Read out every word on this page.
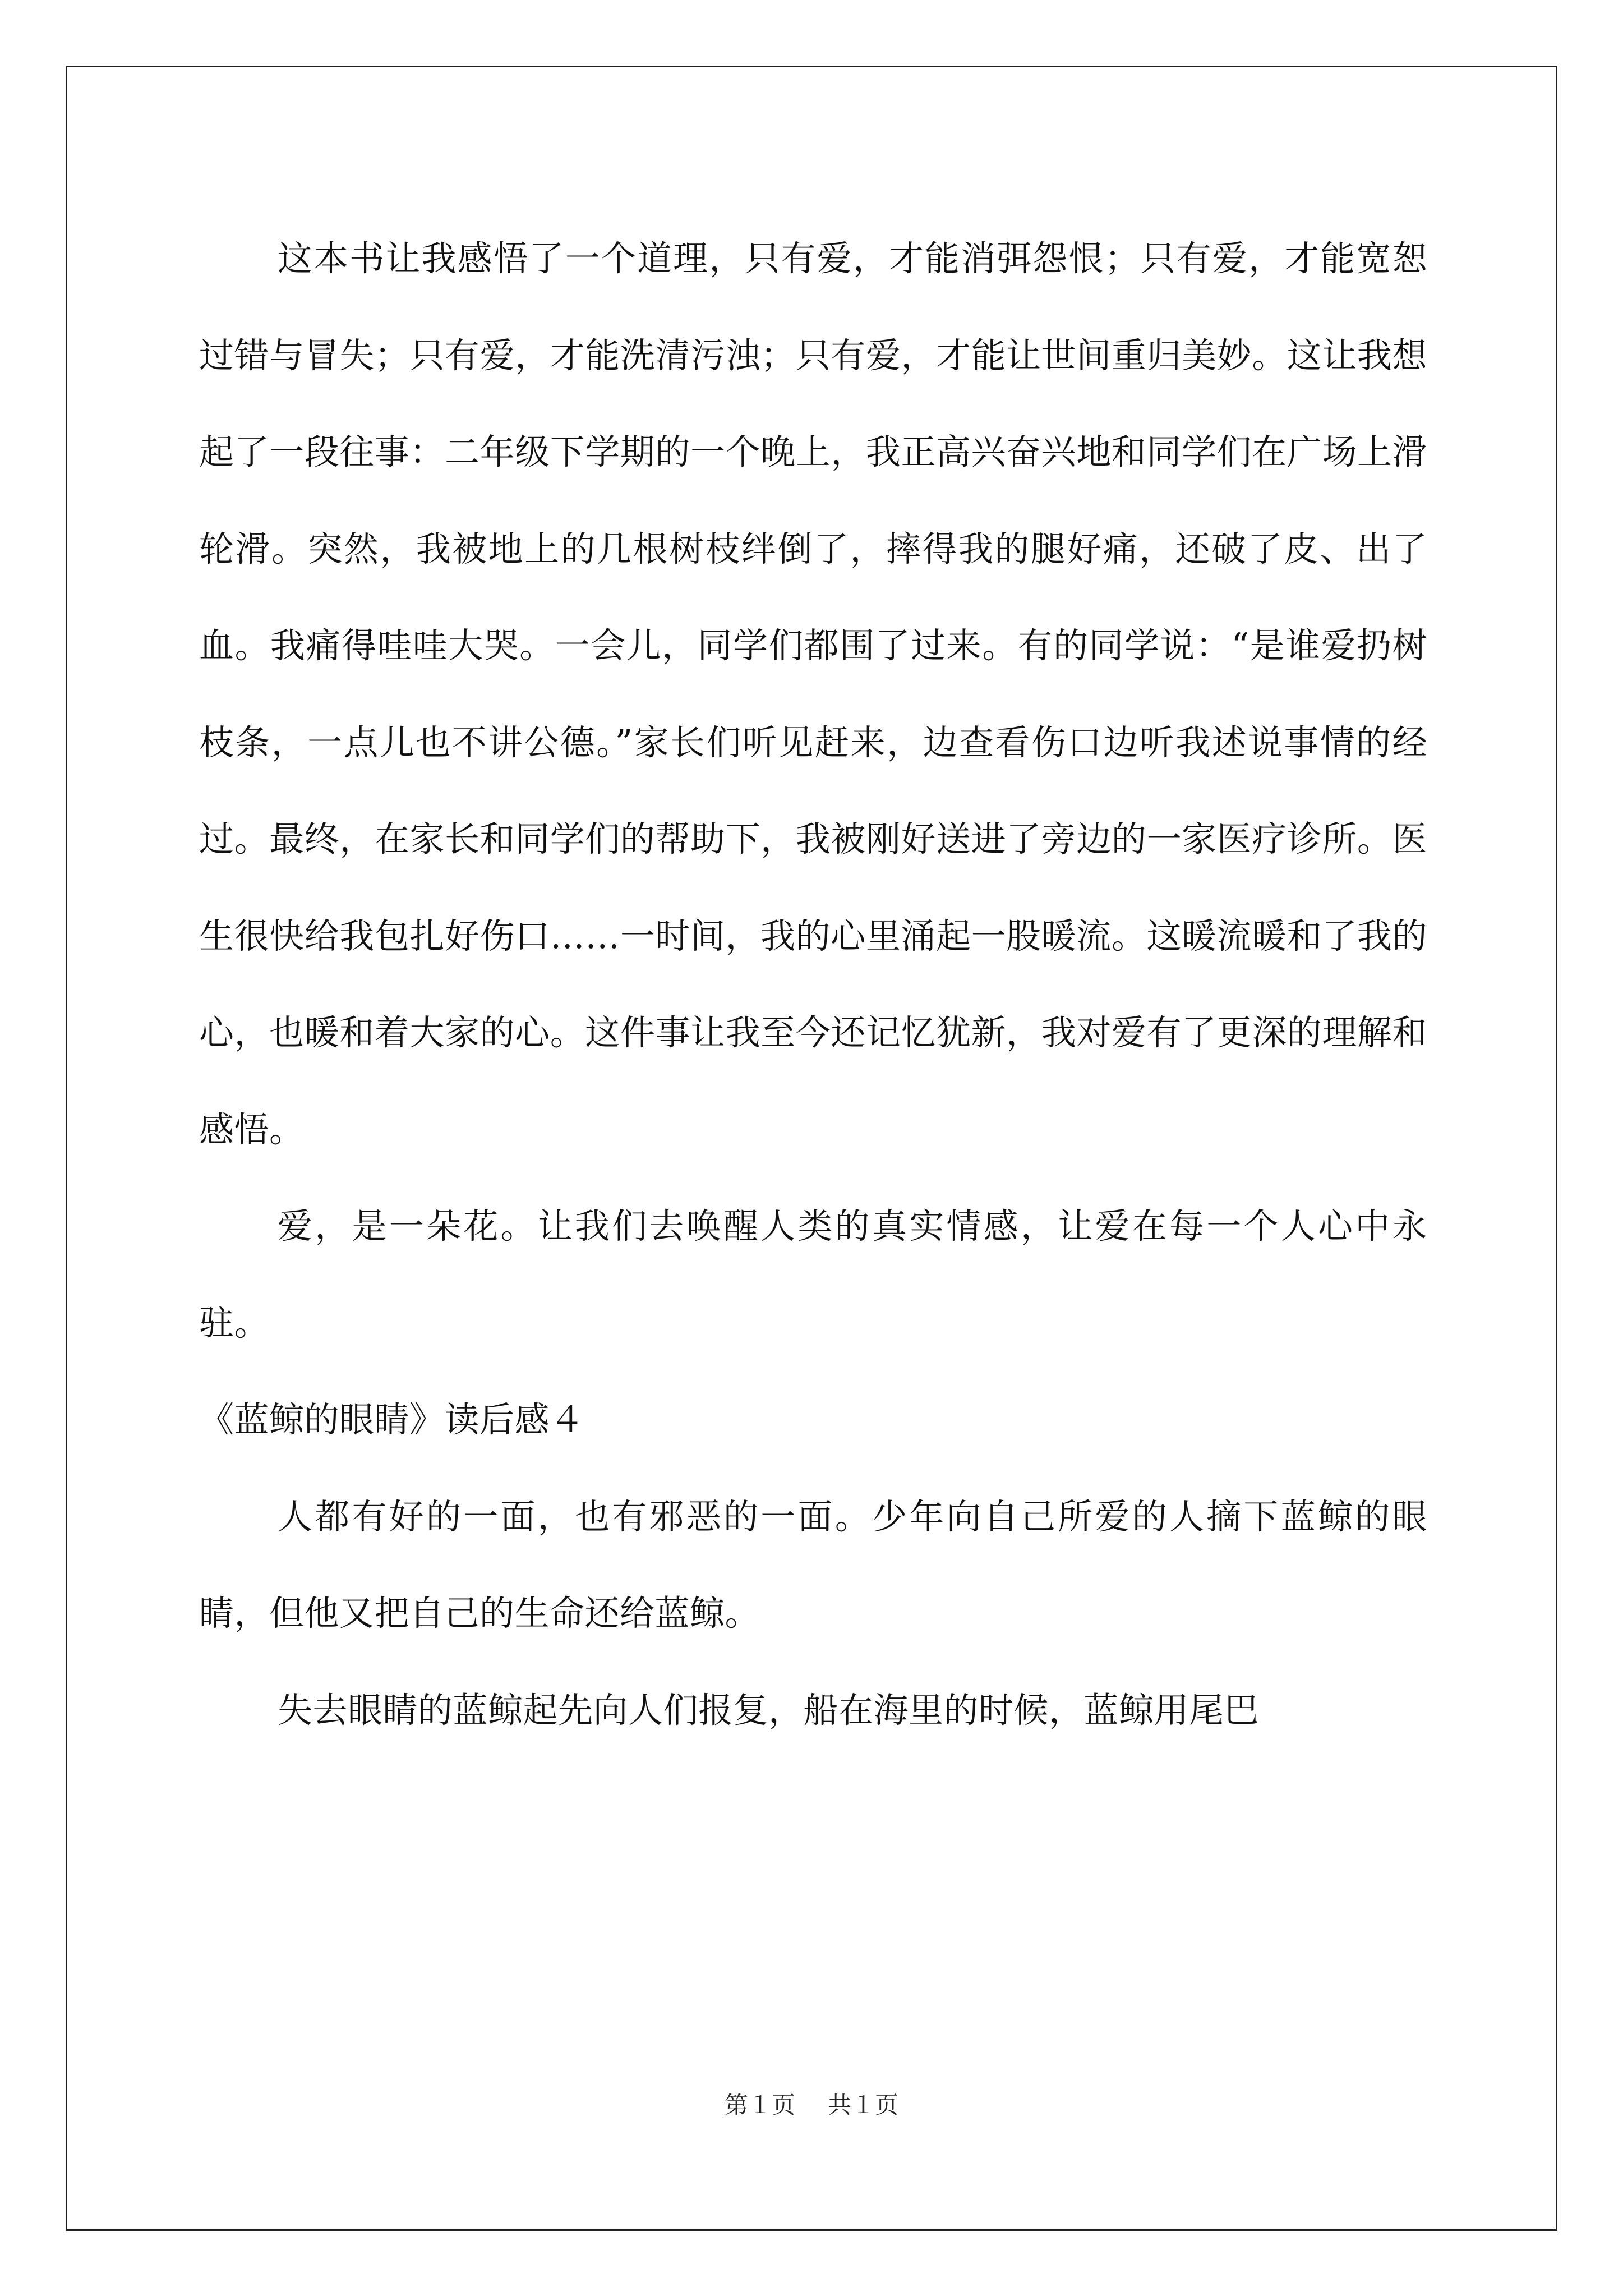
这本书让我感悟了一个道理，只有爱，才能消弭怨恨；只有爱，才能宽恕过错与冒失；只有爱，才能洗清污浊；只有爱，才能让世间重归美妙。这让我想起了一段往事：二年级下学期的一个晚上，我正高兴奋兴地和同学们在广场上滑轮滑。突然，我被地上的几根树枝绊倒了，摔得我的腿好痛，还破了皮、出了血。我痛得哇哇大哭。一会儿，同学们都围了过来。有的同学说：“是谁爱扔树枝条，一点儿也不讲公德。”家长们听见赶来，边查看伤口边听我述说事情的经过。最终，在家长和同学们的帮助下，我被刚好送进了旁边的一家医疗诊所。医生很快给我包扎好伤口……一时间，我的心里涌起一股暖流。这暖流暖和了我的心，也暖和着大家的心。这件事让我至今还记忆犹新，我对爱有了更深的理解和感悟。

爱，是一朵花。让我们去唤醒人类的真实情感，让爱在每一个人心中永驻。

《蓝鲸的眼睛》读后感４

人都有好的一面，也有邪恶的一面。少年向自己所爱的人摘下蓝鲸的眼睛，但他又把自己的生命还给蓝鲸。

失去眼睛的蓝鲸起先向人们报复，船在海里的时候，蓝鲸用尾巴

第１页 共１页
